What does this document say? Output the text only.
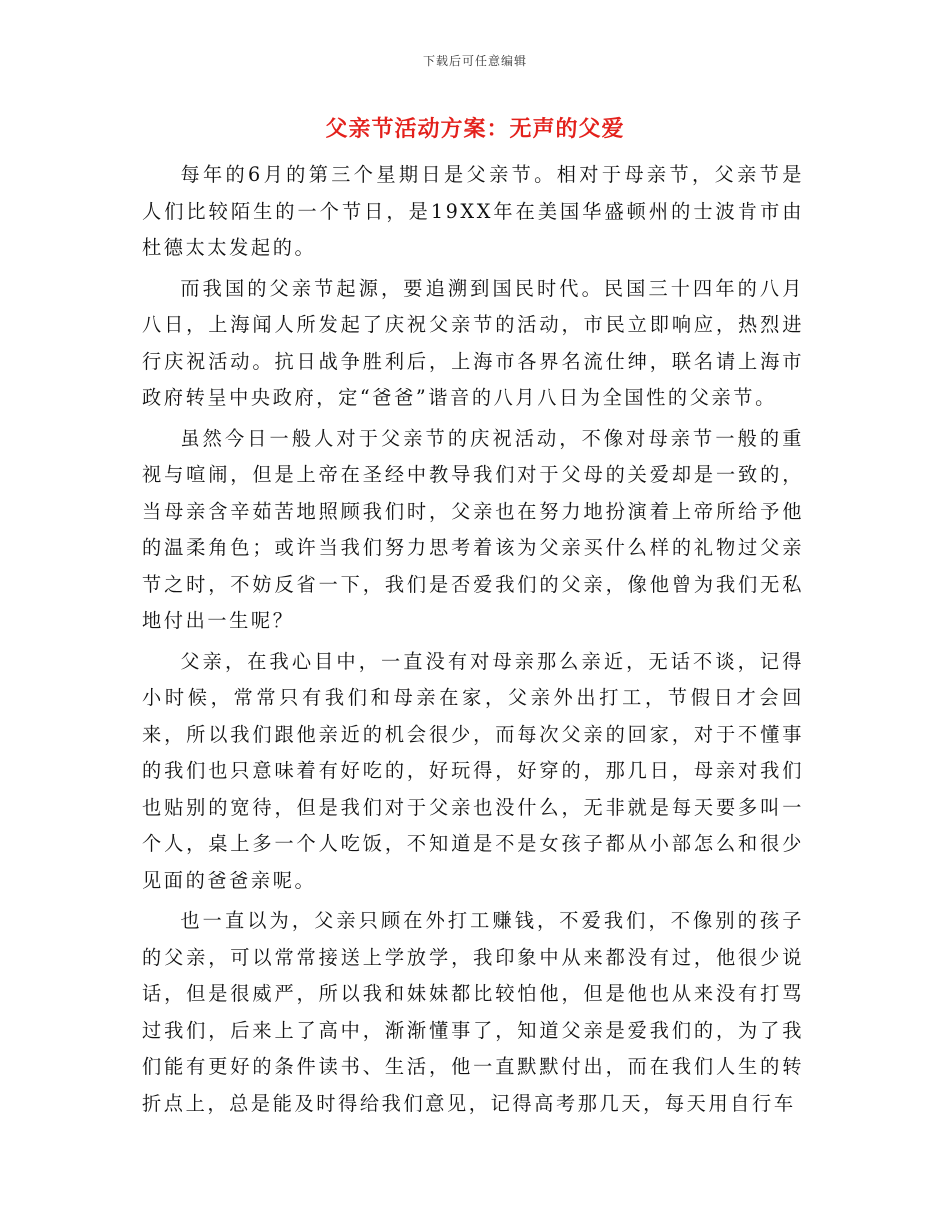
下载后可任意编辑
父亲节活动方案：无声的父爱

每年的6月的第三个星期日是父亲节。相对于母亲节，父亲节是人们比较陌生的一个节日，是19XX年在美国华盛顿州的士波肯市由杜德太太发起的。

而我国的父亲节起源，要追溯到国民时代。民国三十四年的八月八日，上海闻人所发起了庆祝父亲节的活动，市民立即响应，热烈进行庆祝活动。抗日战争胜利后，上海市各界名流仕绅，联名请上海市政府转呈中央政府，定“爸爸”谐音的八月八日为全国性的父亲节。

虽然今日一般人对于父亲节的庆祝活动，不像对母亲节一般的重视与喧闹，但是上帝在圣经中教导我们对于父母的关爱却是一致的，当母亲含辛茹苦地照顾我们时，父亲也在努力地扮演着上帝所给予他的温柔角色；或许当我们努力思考着该为父亲买什么样的礼物过父亲节之时，不妨反省一下，我们是否爱我们的父亲，像他曾为我们无私地付出一生呢？

父亲，在我心目中，一直没有对母亲那么亲近，无话不谈，记得小时候，常常只有我们和母亲在家，父亲外出打工，节假日才会回来，所以我们跟他亲近的机会很少，而每次父亲的回家，对于不懂事的我们也只意味着有好吃的，好玩得，好穿的，那几日，母亲对我们也贴别的宽待，但是我们对于父亲也没什么，无非就是每天要多叫一个人，桌上多一个人吃饭，不知道是不是女孩子都从小部怎么和很少见面的爸爸亲呢。

也一直以为，父亲只顾在外打工赚钱，不爱我们，不像别的孩子的父亲，可以常常接送上学放学，我印象中从来都没有过，他很少说话，但是很威严，所以我和妹妹都比较怕他，但是他也从来没有打骂过我们，后来上了高中，渐渐懂事了，知道父亲是爱我们的，为了我们能有更好的条件读书、生活，他一直默默付出，而在我们人生的转折点上，总是能及时得给我们意见，记得高考那几天，每天用自行车
